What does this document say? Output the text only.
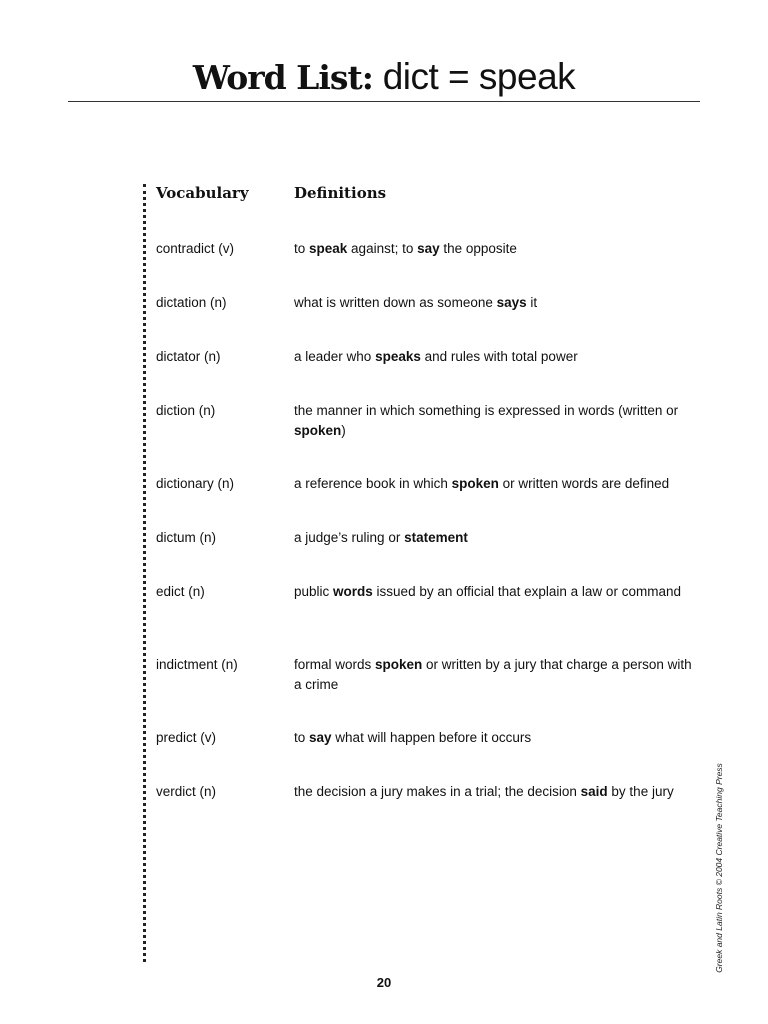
Word List: dict = speak
Vocabulary	Definitions
contradict (v)	to speak against; to say the opposite
dictation (n)	what is written down as someone says it
dictator (n)	a leader who speaks and rules with total power
diction (n)	the manner in which something is expressed in words (written or spoken)
dictionary (n)	a reference book in which spoken or written words are defined
dictum (n)	a judge’s ruling or statement
edict (n)	public words issued by an official that explain a law or command
indictment (n)	formal words spoken or written by a jury that charge a person with a crime
predict (v)	to say what will happen before it occurs
verdict (n)	the decision a jury makes in a trial; the decision said by the jury	Greek and Latin Roots © 2004 Creative Teaching Press
20
